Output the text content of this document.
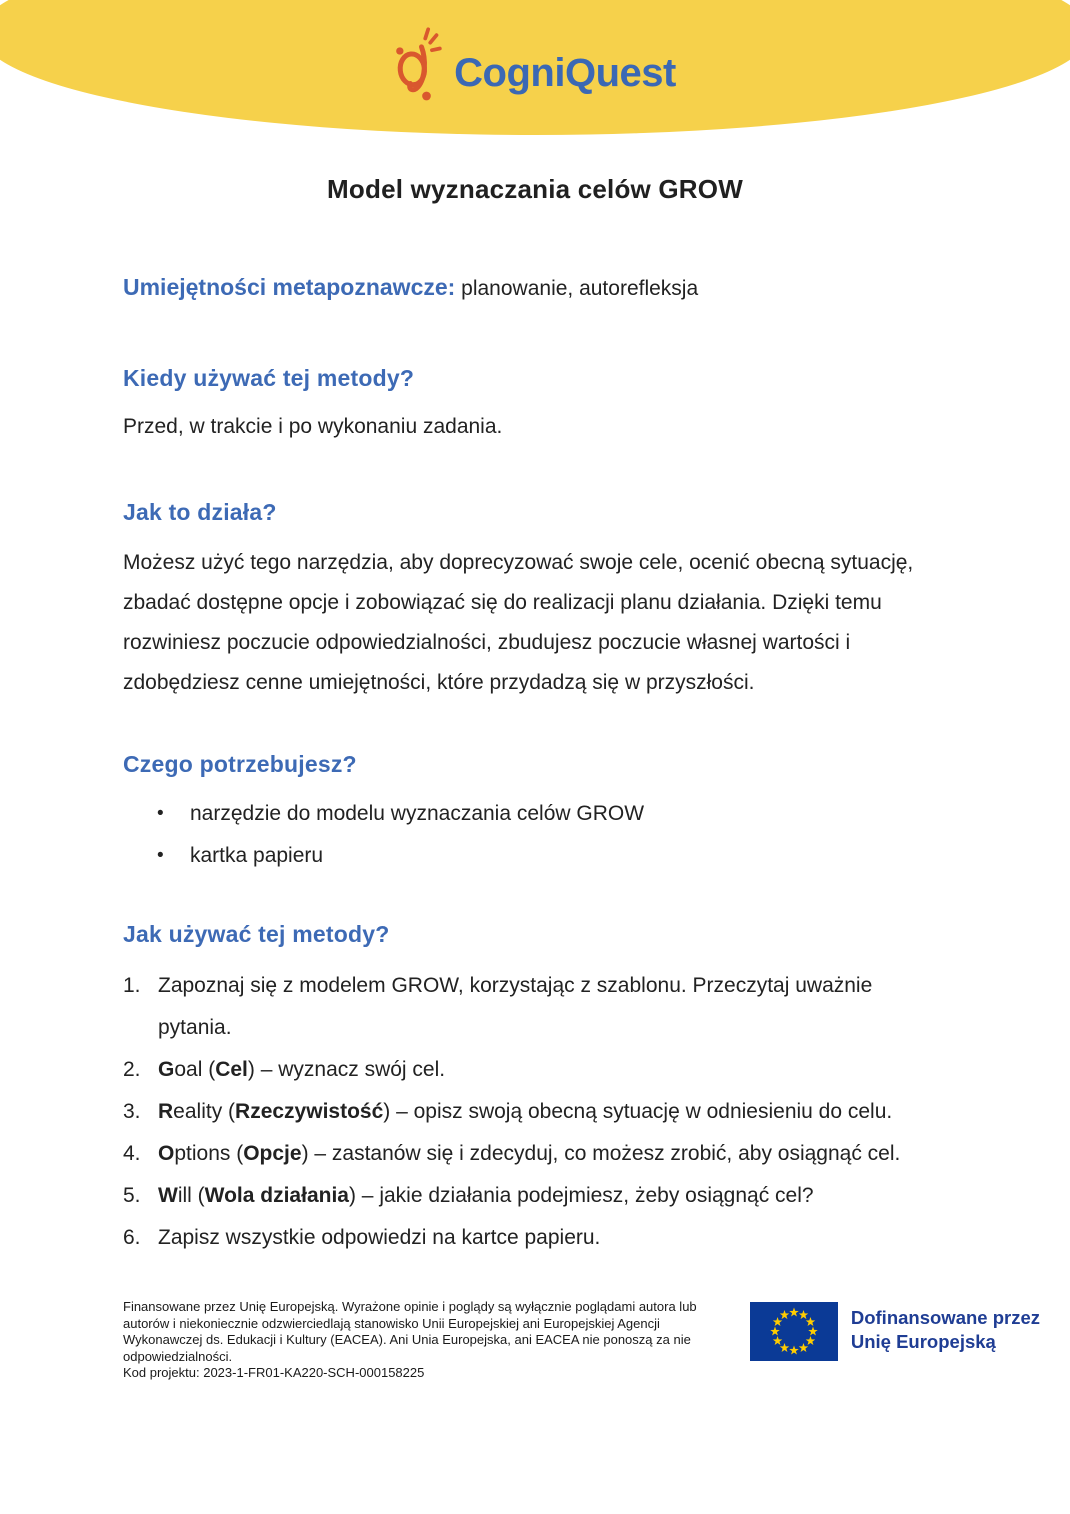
CogniQuest
Model wyznaczania celów GROW

Umiejętności metapoznawcze: planowanie, autorefleksja

Kiedy używać tej metody?

Przed, w trakcie i po wykonaniu zadania.

Jak to działa?

Możesz użyć tego narzędzia, aby doprecyzować swoje cele, ocenić obecną sytuację, zbadać dostępne opcje i zobowiązać się do realizacji planu działania. Dzięki temu rozwiniesz poczucie odpowiedzialności, zbudujesz poczucie własnej wartości i zdobędziesz cenne umiejętności, które przydadzą się w przyszłości.

Czego potrzebujesz?
•	narzędzie do modelu wyznaczania celów GROW
•	kartka papieru
Jak używać tej metody?
1. Zapoznaj się z modelem GROW, korzystając z szablonu. Przeczytaj uważnie pytania.
2. Goal (Cel) – wyznacz swój cel.
3. Reality (Rzeczywistość) – opisz swoją obecną sytuację w odniesieniu do celu.
4. Options (Opcje) – zastanów się i zdecyduj, co możesz zrobić, aby osiągnąć cel.
5. Will (Wola działania) – jakie działania podejmiesz, żeby osiągnąć cel?
6. Zapisz wszystkie odpowiedzi na kartce papieru.

Finansowane przez Unię Europejską. Wyrażone opinie i poglądy są wyłącznie poglądami autora lub autorów i niekoniecznie odzwierciedlają stanowisko Unii Europejskiej ani Europejskiej Agencji Wykonawczej ds. Edukacji i Kultury (EACEA). Ani Unia Europejska, ani EACEA nie ponoszą za nie odpowiedzialności.

Kod projektu: 2023-1-FR01-KA220-SCH-000158225

Dofinansowane przez
Unię Europejską
